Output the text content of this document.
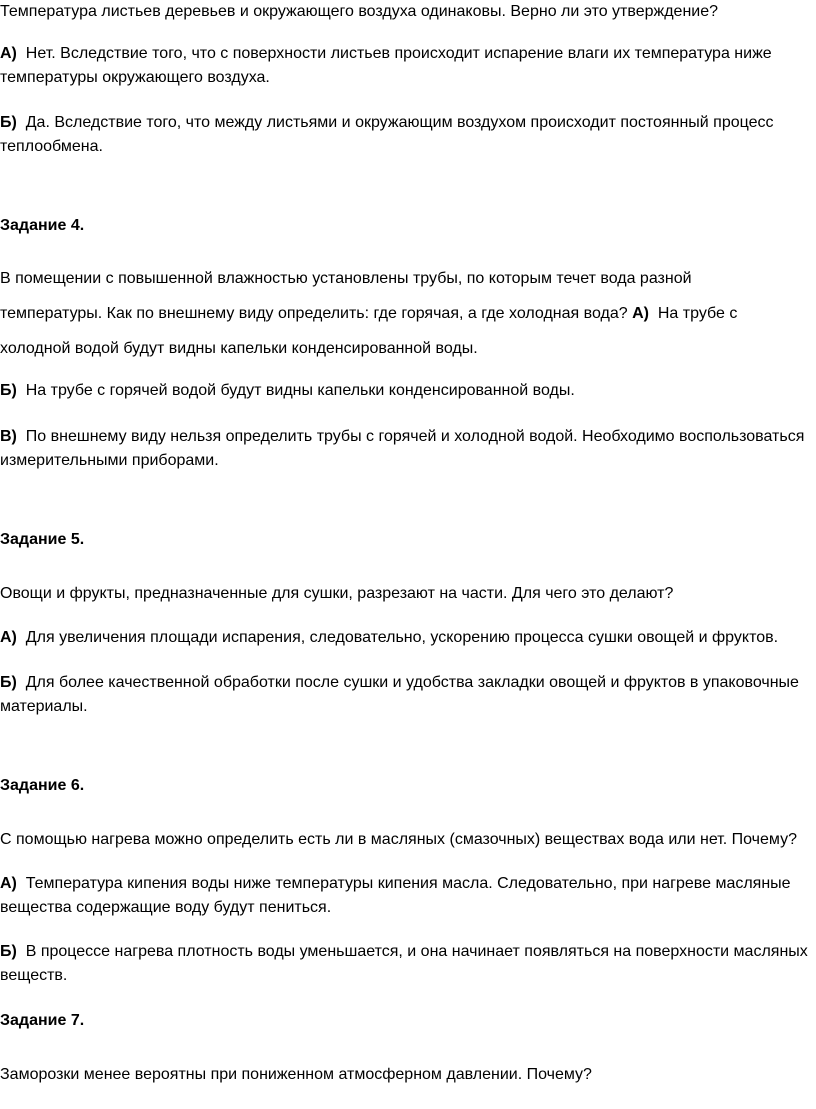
Температура листьев деревьев и окружающего воздуха одинаковы. Верно ли это утверждение?
А) Нет. Вследствие того, что с поверхности листьев происходит испарение влаги их температура ниже
температуры окружающего воздуха.
Б) Да. Вследствие того, что между листьями и окружающим воздухом происходит постоянный процесс
теплообмена.
Задание 4.
В помещении с повышенной влажностью установлены трубы, по которым течет вода разной
температуры. Как по внешнему виду определить: где горячая, а где холодная вода? А) На трубе с
холодной водой будут видны капельки конденсированной воды.
Б) На трубе с горячей водой будут видны капельки конденсированной воды.
В) По внешнему виду нельзя определить трубы с горячей и холодной водой. Необходимо воспользоваться
измерительными приборами.
Задание 5.
Овощи и фрукты, предназначенные для сушки, разрезают на части. Для чего это делают?
А) Для увеличения площади испарения, следовательно, ускорению процесса сушки овощей и фруктов.
Б) Для более качественной обработки после сушки и удобства закладки овощей и фруктов в упаковочные
материалы.
Задание 6.
С помощью нагрева можно определить есть ли в масляных (смазочных) веществах вода или нет. Почему?
А) Температура кипения воды ниже температуры кипения масла. Следовательно, при нагреве масляные
вещества содержащие воду будут пениться.
Б) В процессе нагрева плотность воды уменьшается, и она начинает появляться на поверхности масляных
веществ.
Задание 7.
Заморозки менее вероятны при пониженном атмосферном давлении. Почему?
